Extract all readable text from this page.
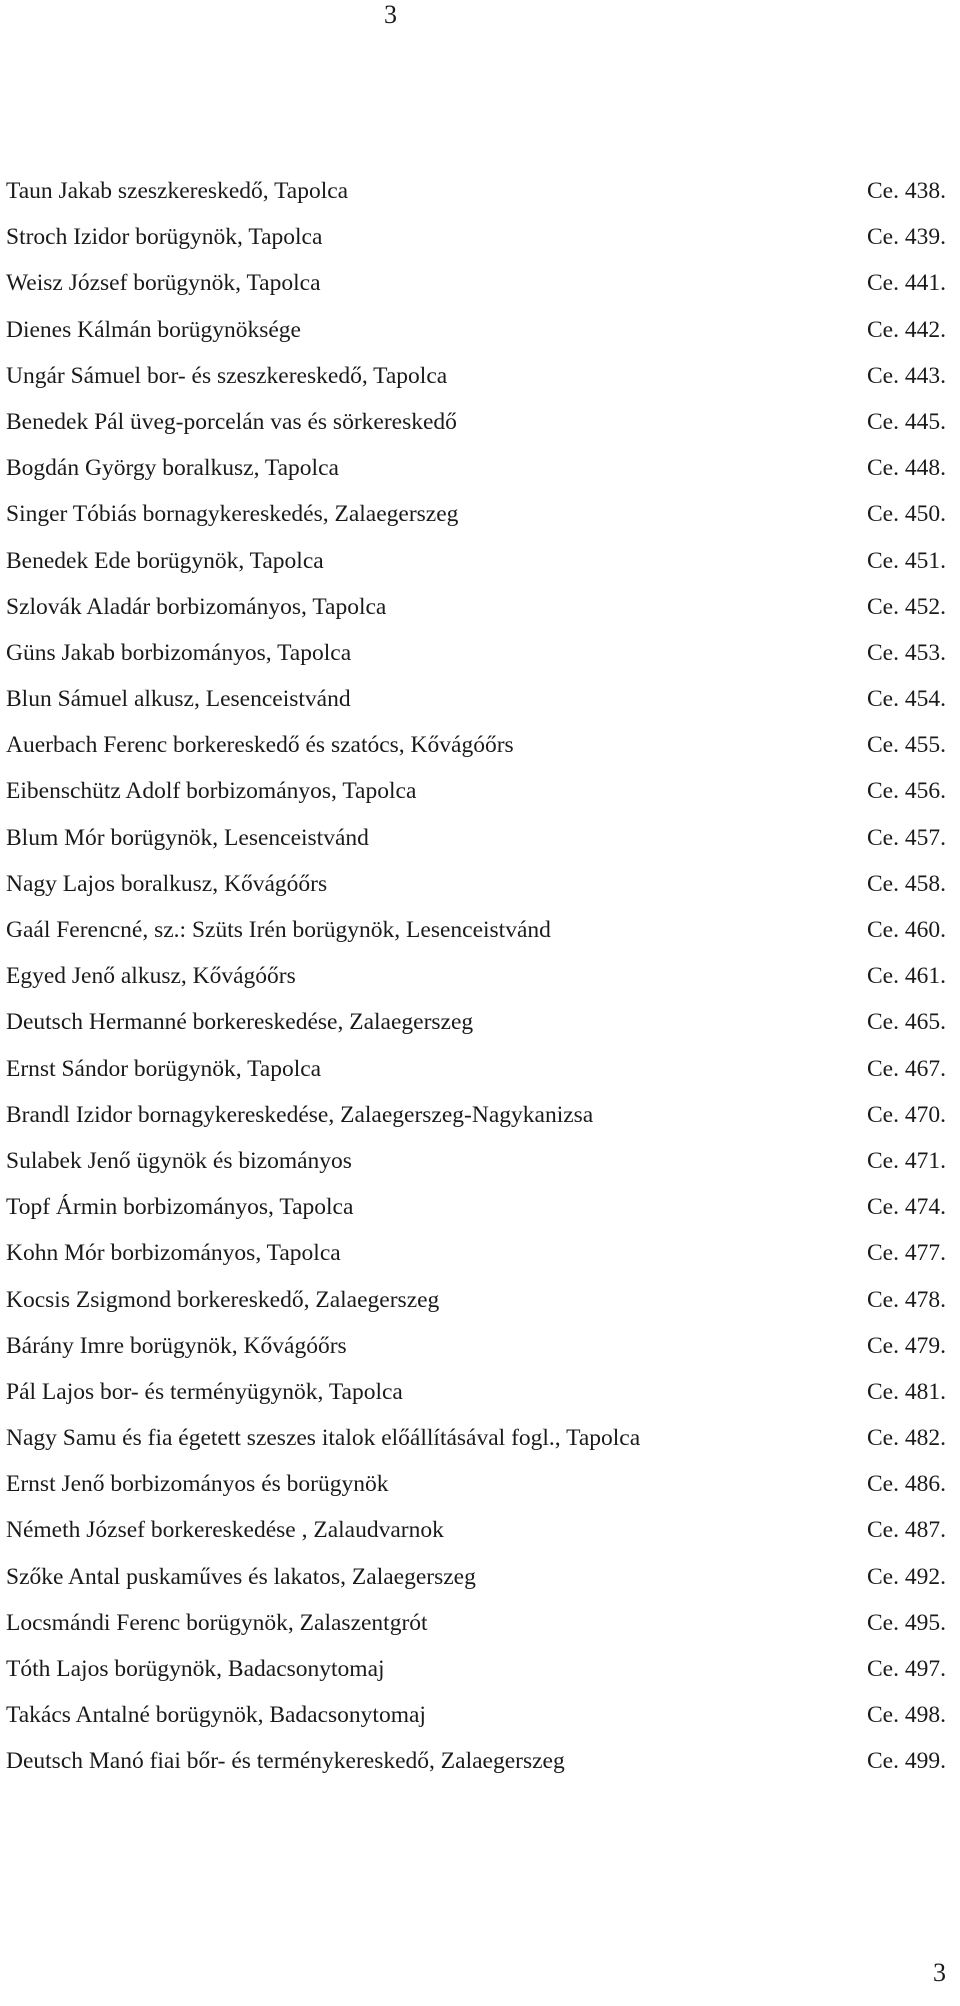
3
Taun Jakab szeszkereskedő, Tapolca	Ce. 438.
Stroch Izidor borügynök, Tapolca	Ce. 439.
Weisz József borügynök, Tapolca	Ce. 441.
Dienes Kálmán borügynöksége	Ce. 442.
Ungár Sámuel bor- és szeszkereskedő, Tapolca	Ce. 443.
Benedek Pál üveg-porcelán vas és sörkereskedő	Ce. 445.
Bogdán György boralkusz, Tapolca	Ce. 448.
Singer Tóbiás bornagykereskedés, Zalaegerszeg	Ce. 450.
Benedek Ede borügynök, Tapolca	Ce. 451.
Szlovák Aladár borbizományos, Tapolca	Ce. 452.
Güns Jakab borbizományos, Tapolca	Ce. 453.
Blun Sámuel alkusz, Lesenceistvánd	Ce. 454.
Auerbach Ferenc borkereskedő és szatócs, Kővágóőrs	Ce. 455.
Eibenschütz Adolf borbizományos, Tapolca	Ce. 456.
Blum Mór borügynök, Lesenceistvánd	Ce. 457.
Nagy Lajos boralkusz, Kővágóőrs	Ce. 458.
Gaál Ferencné, sz.: Szüts Irén borügynök, Lesenceistvánd	Ce. 460.
Egyed Jenő alkusz, Kővágóőrs	Ce. 461.
Deutsch Hermanné borkereskedése, Zalaegerszeg	Ce. 465.
Ernst Sándor borügynök, Tapolca	Ce. 467.
Brandl Izidor bornagykereskedése, Zalaegerszeg-Nagykanizsa	Ce. 470.
Sulabek Jenő ügynök és bizományos	Ce. 471.
Topf Ármin borbizományos, Tapolca	Ce. 474.
Kohn Mór borbizományos, Tapolca	Ce. 477.
Kocsis Zsigmond borkereskedő, Zalaegerszeg	Ce. 478.
Bárány Imre borügynök, Kővágóőrs	Ce. 479.
Pál Lajos bor- és terményügynök, Tapolca	Ce. 481.
Nagy Samu és fia égetett szeszes italok előállításával fogl., Tapolca	Ce. 482.
Ernst Jenő borbizományos és borügynök	Ce. 486.
Németh József borkereskedése , Zalaudvarnok	Ce. 487.
Szőke Antal puskaműves és lakatos, Zalaegerszeg	Ce. 492.
Locsmándi Ferenc borügynök, Zalaszentgrót	Ce. 495.
Tóth Lajos borügynök, Badacsonytomaj	Ce. 497.
Takács Antalné borügynök, Badacsonytomaj	Ce. 498.
Deutsch Manó fiai bőr- és terménykereskedő, Zalaegerszeg	Ce. 499.
3
